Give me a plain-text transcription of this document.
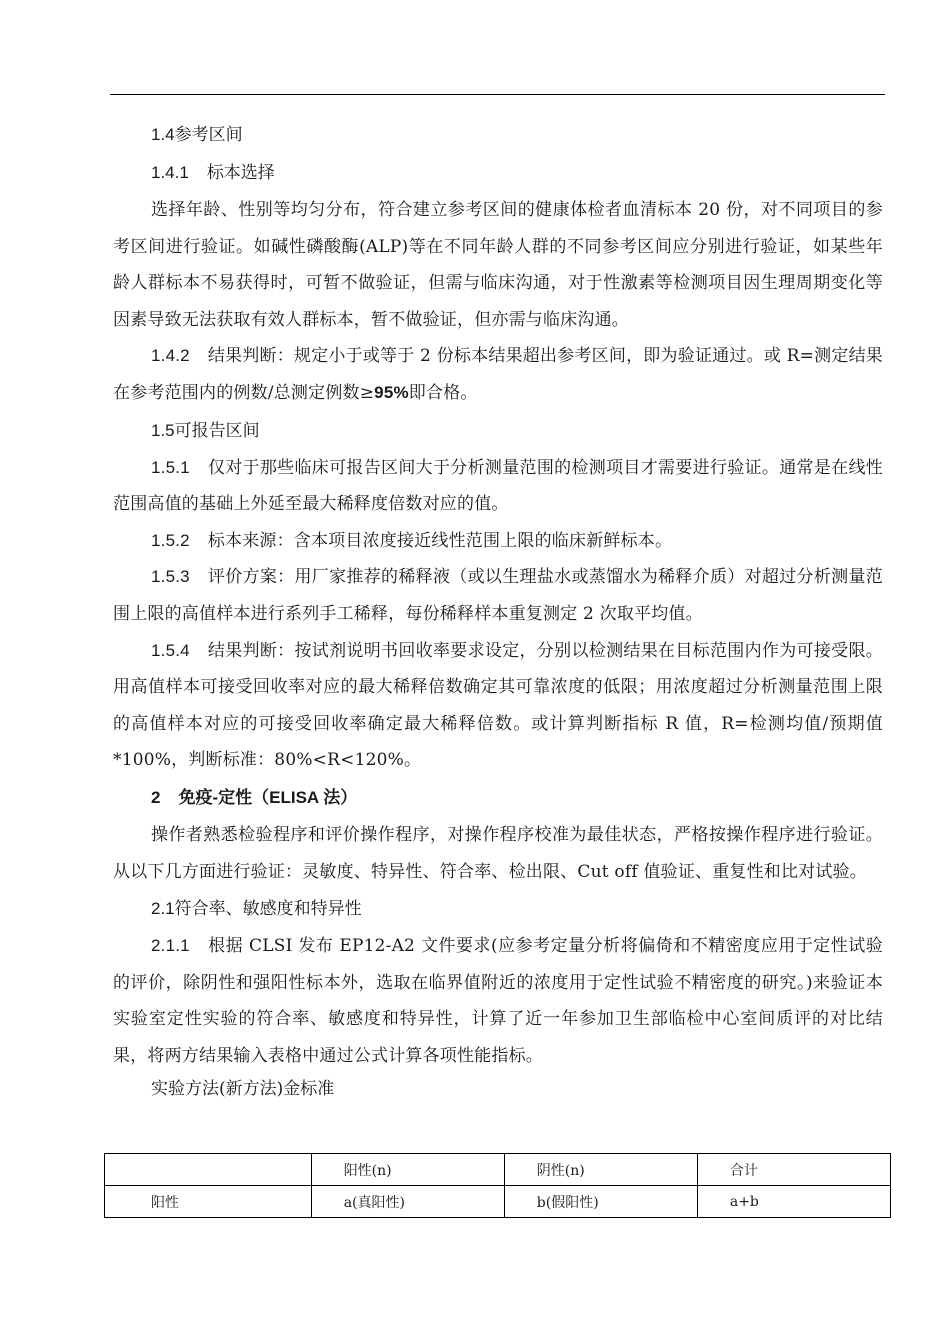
1.4参考区间

1.4.1 标本选择

选择年龄、性别等均匀分布，符合建立参考区间的健康体检者血清标本 20 份，对不同项目的参考区间进行验证。如碱性磷酸酶(ALP)等在不同年龄人群的不同参考区间应分别进行验证，如某些年龄人群标本不易获得时，可暂不做验证，但需与临床沟通，对于性激素等检测项目因生理周期变化等因素导致无法获取有效人群标本，暂不做验证，但亦需与临床沟通。

1.4.2 结果判断：规定小于或等于 2 份标本结果超出参考区间，即为验证通过。或 R=测定结果在参考范围内的例数/总测定例数≥95%即合格。

1.5可报告区间

1.5.1 仅对于那些临床可报告区间大于分析测量范围的检测项目才需要进行验证。通常是在线性范围高值的基础上外延至最大稀释度倍数对应的值。

1.5.2 标本来源：含本项目浓度接近线性范围上限的临床新鲜标本。

1.5.3 评价方案：用厂家推荐的稀释液（或以生理盐水或蒸馏水为稀释介质）对超过分析测量范围上限的高值样本进行系列手工稀释，每份稀释样本重复测定 2 次取平均值。

1.5.4 结果判断：按试剂说明书回收率要求设定，分别以检测结果在目标范围内作为可接受限。用高值样本可接受回收率对应的最大稀释倍数确定其可靠浓度的低限；用浓度超过分析测量范围上限的高值样本对应的可接受回收率确定最大稀释倍数。或计算判断指标 R 值，R=检测均值/预期值*100%，判断标准：80%<R<120%。

2 免疫-定性（ELISA 法）

操作者熟悉检验程序和评价操作程序，对操作程序校准为最佳状态，严格按操作程序进行验证。从以下几方面进行验证：灵敏度、特异性、符合率、检出限、Cut off 值验证、重复性和比对试验。

2.1符合率、敏感度和特异性

2.1.1 根据 CLSI 发布 EP12-A2 文件要求(应参考定量分析将偏倚和不精密度应用于定性试验的评价，除阴性和强阳性标本外，选取在临界值附近的浓度用于定性试验不精密度的研究。)来验证本实验室定性实验的符合率、敏感度和特异性，计算了近一年参加卫生部临检中心室间质评的对比结果，将两方结果输入表格中通过公式计算各项性能指标。

实验方法(新方法)金标准

	阳性(n)	阴性(n)	合计
阳性	a(真阳性)	b(假阳性)	a+b
